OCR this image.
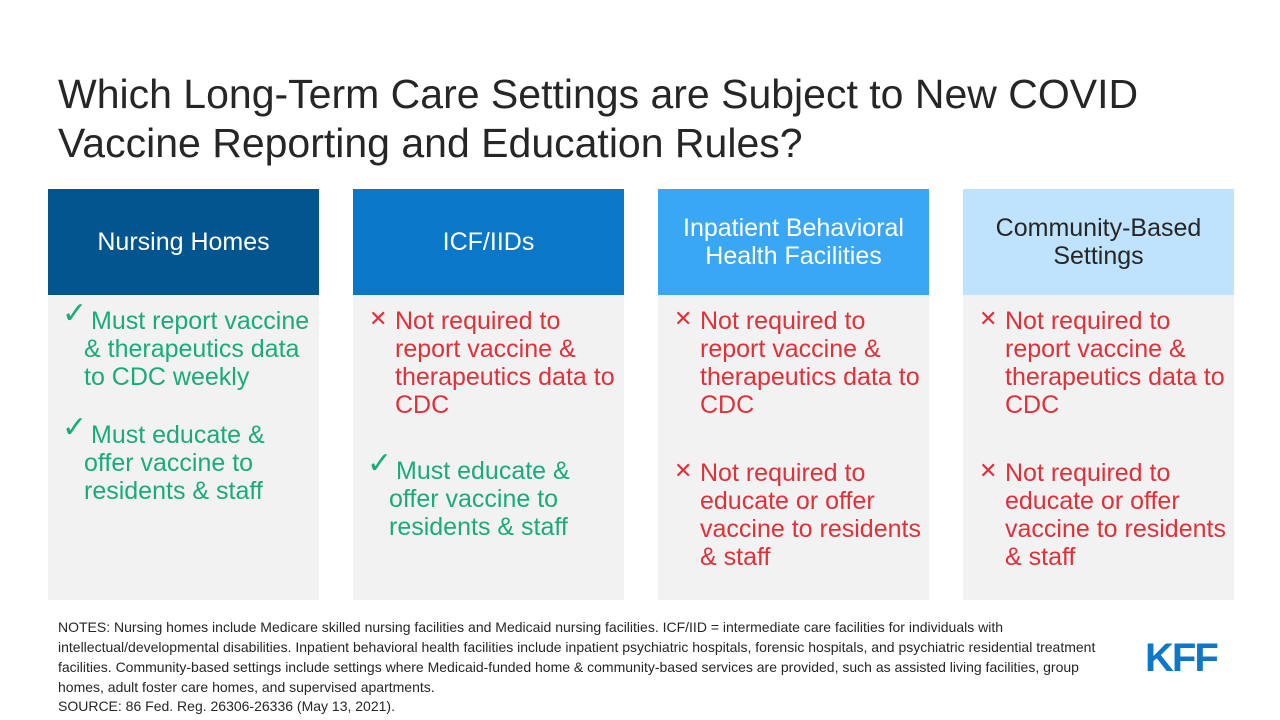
Which Long-Term Care Settings are Subject to New COVID Vaccine Reporting and Education Rules?
Nursing Homes
✓ Must report vaccine & therapeutics data to CDC weekly
✓ Must educate & offer vaccine to residents & staff
ICF/IIDs
✕ Not required to report vaccine & therapeutics data to CDC
✓ Must educate & offer vaccine to residents & staff
Inpatient Behavioral Health Facilities
✕ Not required to report vaccine & therapeutics data to CDC
✕ Not required to educate or offer vaccine to residents & staff
Community-Based Settings
✕ Not required to report vaccine & therapeutics data to CDC
✕ Not required to educate or offer vaccine to residents & staff
NOTES: Nursing homes include Medicare skilled nursing facilities and Medicaid nursing facilities. ICF/IID = intermediate care facilities for individuals with intellectual/developmental disabilities. Inpatient behavioral health facilities include inpatient psychiatric hospitals, forensic hospitals, and psychiatric residential treatment facilities. Community-based settings include settings where Medicaid-funded home & community-based services are provided, such as assisted living facilities, group homes, adult foster care homes, and supervised apartments.
SOURCE: 86 Fed. Reg. 26306-26336 (May 13, 2021).
KFF
